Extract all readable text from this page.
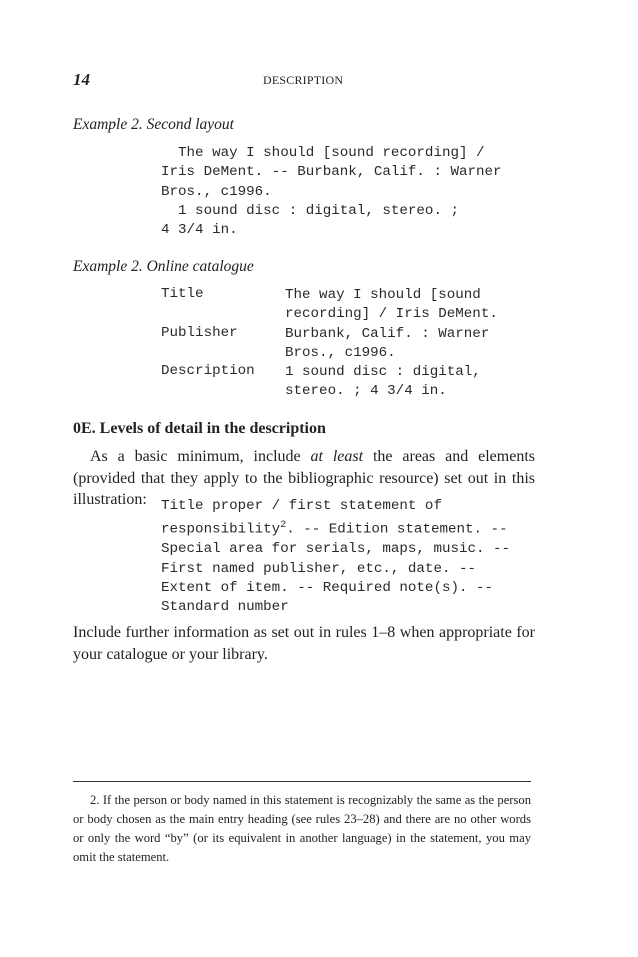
14	DESCRIPTION
Example 2. Second layout
The way I should [sound recording] /
Iris DeMent. -- Burbank, Calif. : Warner
Bros., c1996.
1 sound disc : digital, stereo. ;
4 3/4 in.
Example 2. Online catalogue
Title	The way I should [sound
recording] / Iris DeMent.
Publisher	Burbank, Calif. : Warner
Bros., c1996.
Description 1 sound disc : digital,
stereo. ; 4 3/4 in.
0E. Levels of detail in the description
As a basic minimum, include at least the areas and elements (provided that they apply to the bibliographic resource) set out in this illustration:	Title proper / first statement of
responsibility$^2$. -- Edition statement. --
Special area for serials, maps, music. --
First named publisher, etc., date. --
Extent of item. -- Required note(s). --
Standard number
Include further information as set out in rules 1–8 when appropriate for your catalogue or your library.
2. If the person or body named in this statement is recognizably the same as the person or body chosen as the main entry heading (see rules 23–28) and there are no other words or only the word “by” (or its equivalent in another language) in the statement, you may omit the statement.
